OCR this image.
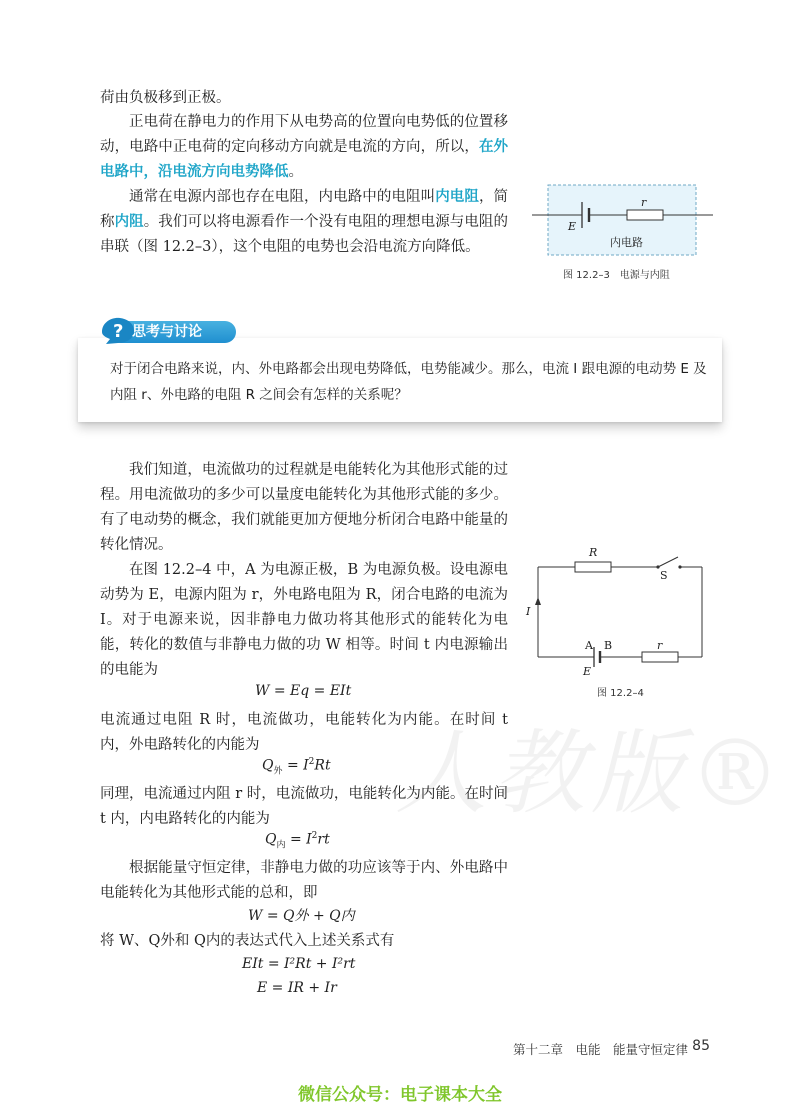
荷由负极移到正极。

正电荷在静电力的作用下从电势高的位置向电势低的位置移动，电路中正电荷的定向移动方向就是电流的方向，所以，在外电路中，沿电流方向电势降低。

通常在电源内部也存在电阻，内电路中的电阻叫内电阻，简称内阻。我们可以将电源看作一个没有电阻的理想电源与电阻的串联（图 12.2–3），这个电阻的电势也会沿电流方向降低。

E
r
内电路
图 12.2–3　电源与内阻
? 思考与讨论

对于闭合电路来说，内、外电路都会出现电势降低，电势能减少。那么，电流 I 跟电源的电动势 E 及内阻 r、外电路的电阻 R 之间会有怎样的关系呢？

我们知道，电流做功的过程就是电能转化为其他形式能的过程。用电流做功的多少可以量度电能转化为其他形式能的多少。有了电动势的概念，我们就能更加方便地分析闭合电路中能量的转化情况。

在图 12.2–4 中，A 为电源正极，B 为电源负极。设电源电动势为 E，电源内阻为 r，外电路电阻为 R，闭合电路的电流为 I。对于电源来说，因非静电力做功将其他形式的能转化为电能，转化的数值与非静电力做的功 W 相等。时间 t 内电源输出的电能为

W = Eq = EIt

电流通过电阻 R 时，电流做功，电能转化为内能。在时间 t 内，外电路转化的内能为

$Q_外 = I^2Rt$

同理，电流通过内阻 r 时，电流做功，电能转化为内能。在时间 t 内，内电路转化的内能为

$Q_内 = I^2rt$

根据能量守恒定律，非静电力做的功应该等于内、外电路中电能转化为其他形式能的总和，即

W = Q外 + Q内

将 W、Q外和 Q内的表达式代入上述关系式有

EIt = I²Rt + I²rt
E = IR + Ir
R
S
I
A B
E
r
图 12.2–4
人教版®
第十二章　电能　能量守恒定律 85
微信公众号：电子课本大全
